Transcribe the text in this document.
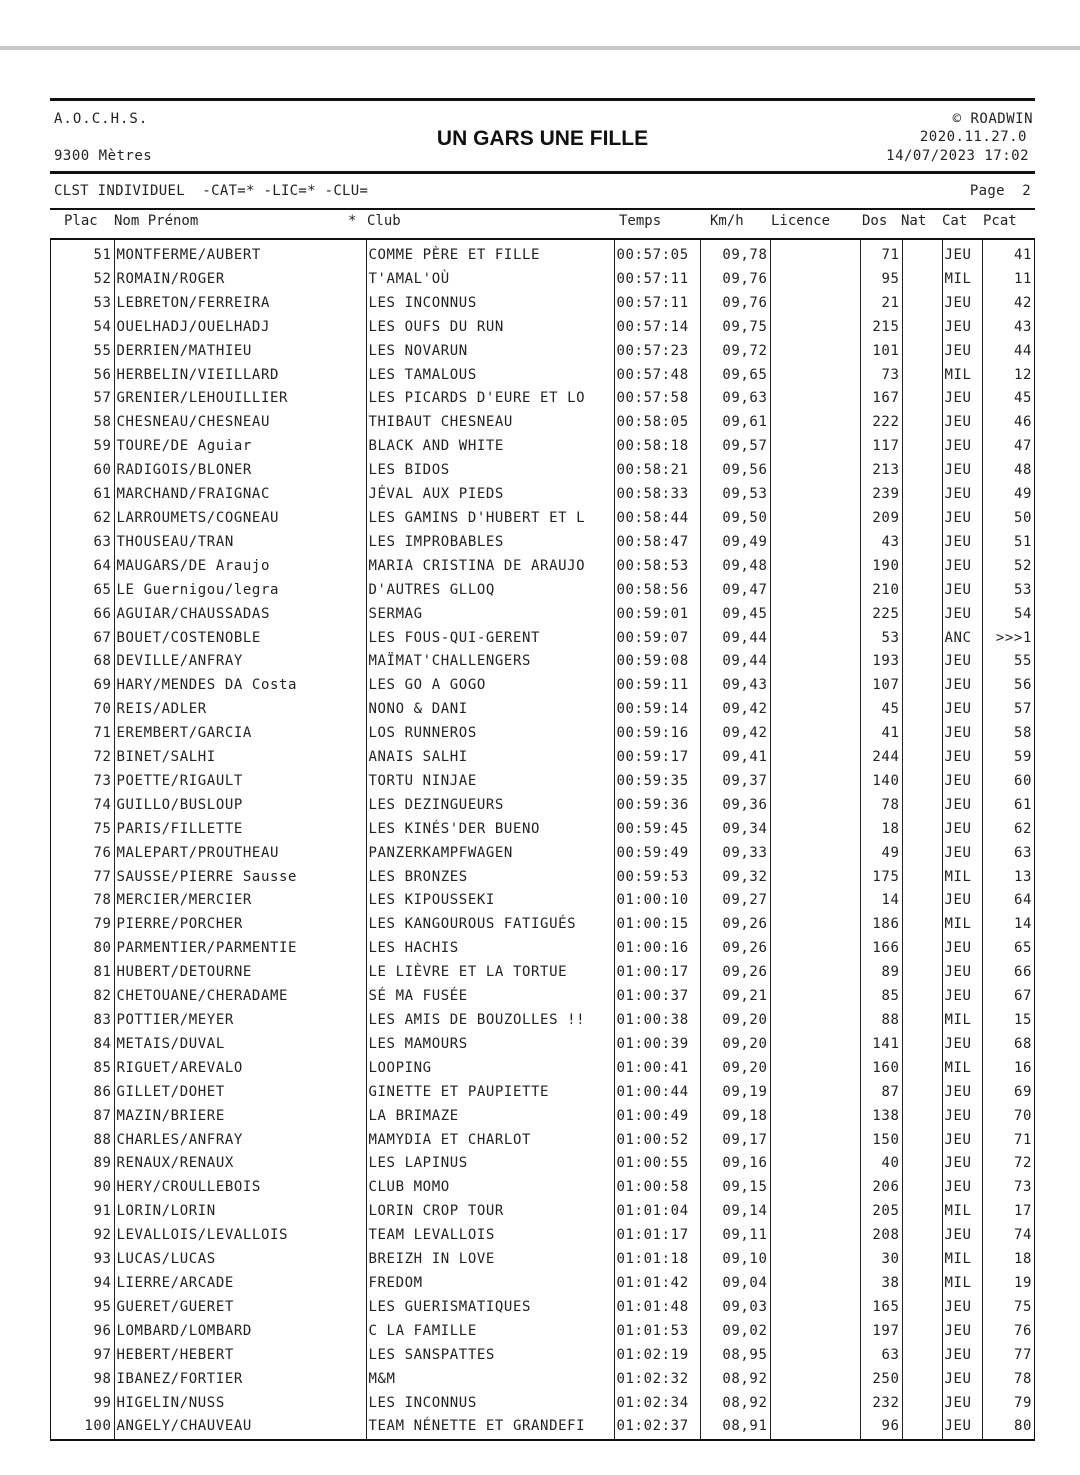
A.O.C.H.S.
9300 Mètres
UN GARS UNE FILLE
© ROADWIN
2020.11.27.0
14/07/2023 17:02
CLST INDIVIDUEL  -CAT=* -LIC=* -CLU=	Page  2
Plac Nom Prénom	* Club	Temps	Km/h Licence Dos Nat Cat Pcat
51	MONTFERME/AUBERT	COMME PÈRE ET FILLE	00:57:05	09,78		71		JEU	41
52	ROMAIN/ROGER	T'AMAL'OÙ	00:57:11	09,76		95		MIL	11
53	LEBRETON/FERREIRA	LES INCONNUS	00:57:11	09,76		21		JEU	42
54	OUELHADJ/OUELHADJ	LES OUFS DU RUN	00:57:14	09,75		215		JEU	43
55	DERRIEN/MATHIEU	LES NOVARUN	00:57:23	09,72		101		JEU	44
56	HERBELIN/VIEILLARD	LES TAMALOUS	00:57:48	09,65		73		MIL	12
57	GRENIER/LEHOUILLIER	LES PICARDS D'EURE ET LO	00:57:58	09,63		167		JEU	45
58	CHESNEAU/CHESNEAU	THIBAUT CHESNEAU	00:58:05	09,61		222		JEU	46
59	TOURE/DE Aguiar	BLACK AND WHITE	00:58:18	09,57		117		JEU	47
60	RADIGOIS/BLONER	LES BIDOS	00:58:21	09,56		213		JEU	48
61	MARCHAND/FRAIGNAC	JÉVAL AUX PIEDS	00:58:33	09,53		239		JEU	49
62	LARROUMETS/COGNEAU	LES GAMINS D'HUBERT ET L	00:58:44	09,50		209		JEU	50
63	THOUSEAU/TRAN	LES IMPROBABLES	00:58:47	09,49		43		JEU	51
64	MAUGARS/DE Araujo	MARIA CRISTINA DE ARAUJO	00:58:53	09,48		190		JEU	52
65	LE Guernigou/legra	D'AUTRES GLLOQ	00:58:56	09,47		210		JEU	53
66	AGUIAR/CHAUSSADAS	SERMAG	00:59:01	09,45		225		JEU	54
67	BOUET/COSTENOBLE	LES FOUS-QUI-GERENT	00:59:07	09,44		53		ANC	>>>1
68	DEVILLE/ANFRAY	MAÏMAT'CHALLENGERS	00:59:08	09,44		193		JEU	55
69	HARY/MENDES DA Costa	LES GO A GOGO	00:59:11	09,43		107		JEU	56
70	REIS/ADLER	NONO & DANI	00:59:14	09,42		45		JEU	57
71	EREMBERT/GARCIA	LOS RUNNEROS	00:59:16	09,42		41		JEU	58
72	BINET/SALHI	ANAIS SALHI	00:59:17	09,41		244		JEU	59
73	POETTE/RIGAULT	TORTU NINJAE	00:59:35	09,37		140		JEU	60
74	GUILLO/BUSLOUP	LES DEZINGUEURS	00:59:36	09,36		78		JEU	61
75	PARIS/FILLETTE	LES KINÉS'DER BUENO	00:59:45	09,34		18		JEU	62
76	MALEPART/PROUTHEAU	PANZERKAMPFWAGEN	00:59:49	09,33		49		JEU	63
77	SAUSSE/PIERRE Sausse	LES BRONZES	00:59:53	09,32		175		MIL	13
78	MERCIER/MERCIER	LES KIPOUSSEKI	01:00:10	09,27		14		JEU	64
79	PIERRE/PORCHER	LES KANGOUROUS FATIGUÉS	01:00:15	09,26		186		MIL	14
80	PARMENTIER/PARMENTIE	LES HACHIS	01:00:16	09,26		166		JEU	65
81	HUBERT/DETOURNE	LE LIÈVRE ET LA TORTUE	01:00:17	09,26		89		JEU	66
82	CHETOUANE/CHERADAME	SÉ MA FUSÉE	01:00:37	09,21		85		JEU	67
83	POTTIER/MEYER	LES AMIS DE BOUZOLLES !!	01:00:38	09,20		88		MIL	15
84	METAIS/DUVAL	LES MAMOURS	01:00:39	09,20		141		JEU	68
85	RIGUET/AREVALO	LOOPING	01:00:41	09,20		160		MIL	16
86	GILLET/DOHET	GINETTE ET PAUPIETTE	01:00:44	09,19		87		JEU	69
87	MAZIN/BRIERE	LA BRIMAZE	01:00:49	09,18		138		JEU	70
88	CHARLES/ANFRAY	MAMYDIA ET CHARLOT	01:00:52	09,17		150		JEU	71
89	RENAUX/RENAUX	LES LAPINUS	01:00:55	09,16		40		JEU	72
90	HERY/CROULLEBOIS	CLUB MOMO	01:00:58	09,15		206		JEU	73
91	LORIN/LORIN	LORIN CROP TOUR	01:01:04	09,14		205		MIL	17
92	LEVALLOIS/LEVALLOIS	TEAM LEVALLOIS	01:01:17	09,11		208		JEU	74
93	LUCAS/LUCAS	BREIZH IN LOVE	01:01:18	09,10		30		MIL	18
94	LIERRE/ARCADE	FREDOM	01:01:42	09,04		38		MIL	19
95	GUERET/GUERET	LES GUERISMATIQUES	01:01:48	09,03		165		JEU	75
96	LOMBARD/LOMBARD	C LA FAMILLE	01:01:53	09,02		197		JEU	76
97	HEBERT/HEBERT	LES SANSPATTES	01:02:19	08,95		63		JEU	77
98	IBANEZ/FORTIER	M&M	01:02:32	08,92		250		JEU	78
99	HIGELIN/NUSS	LES INCONNUS	01:02:34	08,92		232		JEU	79
100	ANGELY/CHAUVEAU	TEAM NÉNETTE ET GRANDEFI	01:02:37	08,91		96		JEU	80
